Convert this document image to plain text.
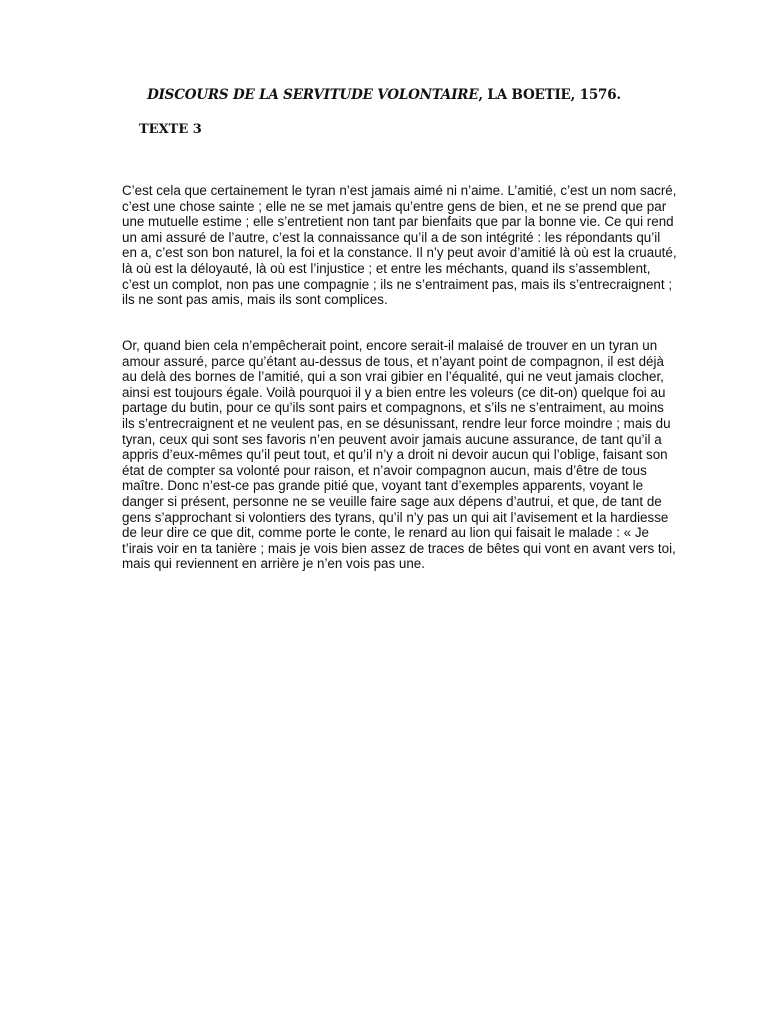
DISCOURS DE LA SERVITUDE VOLONTAIRE, LA BOETIE, 1576.
TEXTE 3

C’est cela que certainement le tyran n’est jamais aimé ni n’aime. L’amitié, c’est un nom sacré, c’est une chose sainte ; elle ne se met jamais qu’entre gens de bien, et ne se prend que par une mutuelle estime ; elle s’entretient non tant par bienfaits que par la bonne vie. Ce qui rend un ami assuré de l’autre, c’est la connaissance qu’il a de son intégrité : les répondants qu’il en a, c’est son bon naturel, la foi et la constance. Il n’y peut avoir d’amitié là où est la cruauté, là où est la déloyauté, là où est l’injustice ; et entre les méchants, quand ils s’assemblent, c’est un complot, non pas une compagnie ; ils ne s’entraiment pas, mais ils s’entrecraignent ; ils ne sont pas amis, mais ils sont complices.

Or, quand bien cela n’empêcherait point, encore serait-il malaisé de trouver en un tyran un amour assuré, parce qu’étant au-dessus de tous, et n’ayant point de compagnon, il est déjà au delà des bornes de l’amitié, qui a son vrai gibier en l’équalité, qui ne veut jamais clocher, ainsi est toujours égale. Voilà pourquoi il y a bien entre les voleurs (ce dit-on) quelque foi au partage du butin, pour ce qu’ils sont pairs et compagnons, et s’ils ne s’entraiment, au moins ils s’entrecraignent et ne veulent pas, en se désunissant, rendre leur force moindre ; mais du tyran, ceux qui sont ses favoris n’en peuvent avoir jamais aucune assurance, de tant qu’il a appris d’eux-mêmes qu’il peut tout, et qu’il n’y a droit ni devoir aucun qui l’oblige, faisant son état de compter sa volonté pour raison, et n’avoir compagnon aucun, mais d’être de tous maître. Donc n’est-ce pas grande pitié que, voyant tant d’exemples apparents, voyant le danger si présent, personne ne se veuille faire sage aux dépens d’autrui, et que, de tant de gens s’approchant si volontiers des tyrans, qu’il n’y pas un qui ait l’avisement et la hardiesse de leur dire ce que dit, comme porte le conte, le renard au lion qui faisait le malade : « Je t’irais voir en ta tanière ; mais je vois bien assez de traces de bêtes qui vont en avant vers toi, mais qui reviennent en arrière je n’en vois pas une.
